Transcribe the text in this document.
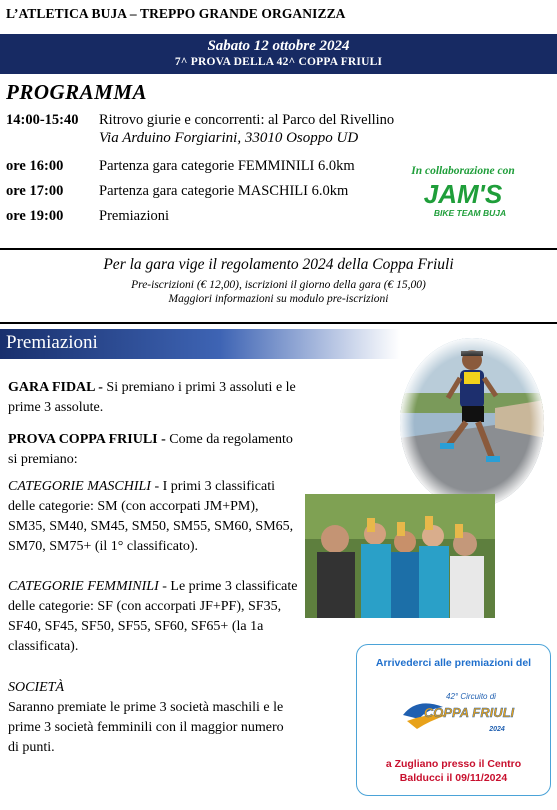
L’ATLETICA BUJA – TREPPO GRANDE ORGANIZZA
Sabato 12 ottobre 2024
7^ PROVA DELLA 42^ COPPA FRIULI
PROGRAMMA
14:00-15:40	Ritrovo giurie e concorrenti: al Parco del Rivellino
Via Arduino Forgiarini, 33010 Osoppo UD
ore 16:00	Partenza gara categorie FEMMINILI 6.0km
ore 17:00	Partenza gara categorie MASCHILI 6.0km
ore 19:00	Premiazioni
In collaborazione con
JAM'S
BIKE TEAM BUJA
Per la gara vige il regolamento 2024 della Coppa Friuli
Pre-iscrizioni (€ 12,00), iscrizioni il giorno della gara (€ 15,00)
Maggiori informazioni su modulo pre-iscrizioni
Premiazioni
GARA FIDAL - Si premiano i primi 3 assoluti e le prime 3 assolute.
PROVA COPPA FRIULI - Come da regolamento si premiano:
CATEGORIE MASCHILI - I primi 3 classificati delle categorie: SM (con accorpati JM+PM), SM35, SM40, SM45, SM50, SM55, SM60, SM65, SM70, SM75+ (il 1° classificato).
CATEGORIE FEMMINILI - Le prime 3 classificate delle categorie: SF (con accorpati JF+PF), SF35, SF40, SF45, SF50, SF55, SF60, SF65+ (la 1a classificata).
SOCIETÀ
Saranno premiate le prime 3 società maschili e le prime 3 società femminili con il maggior numero di punti.
Arrivederci alle premiazioni del
42° Circuito di
COPPA FRIULI
2024
a Zugliano presso il Centro
Balducci il 09/11/2024
